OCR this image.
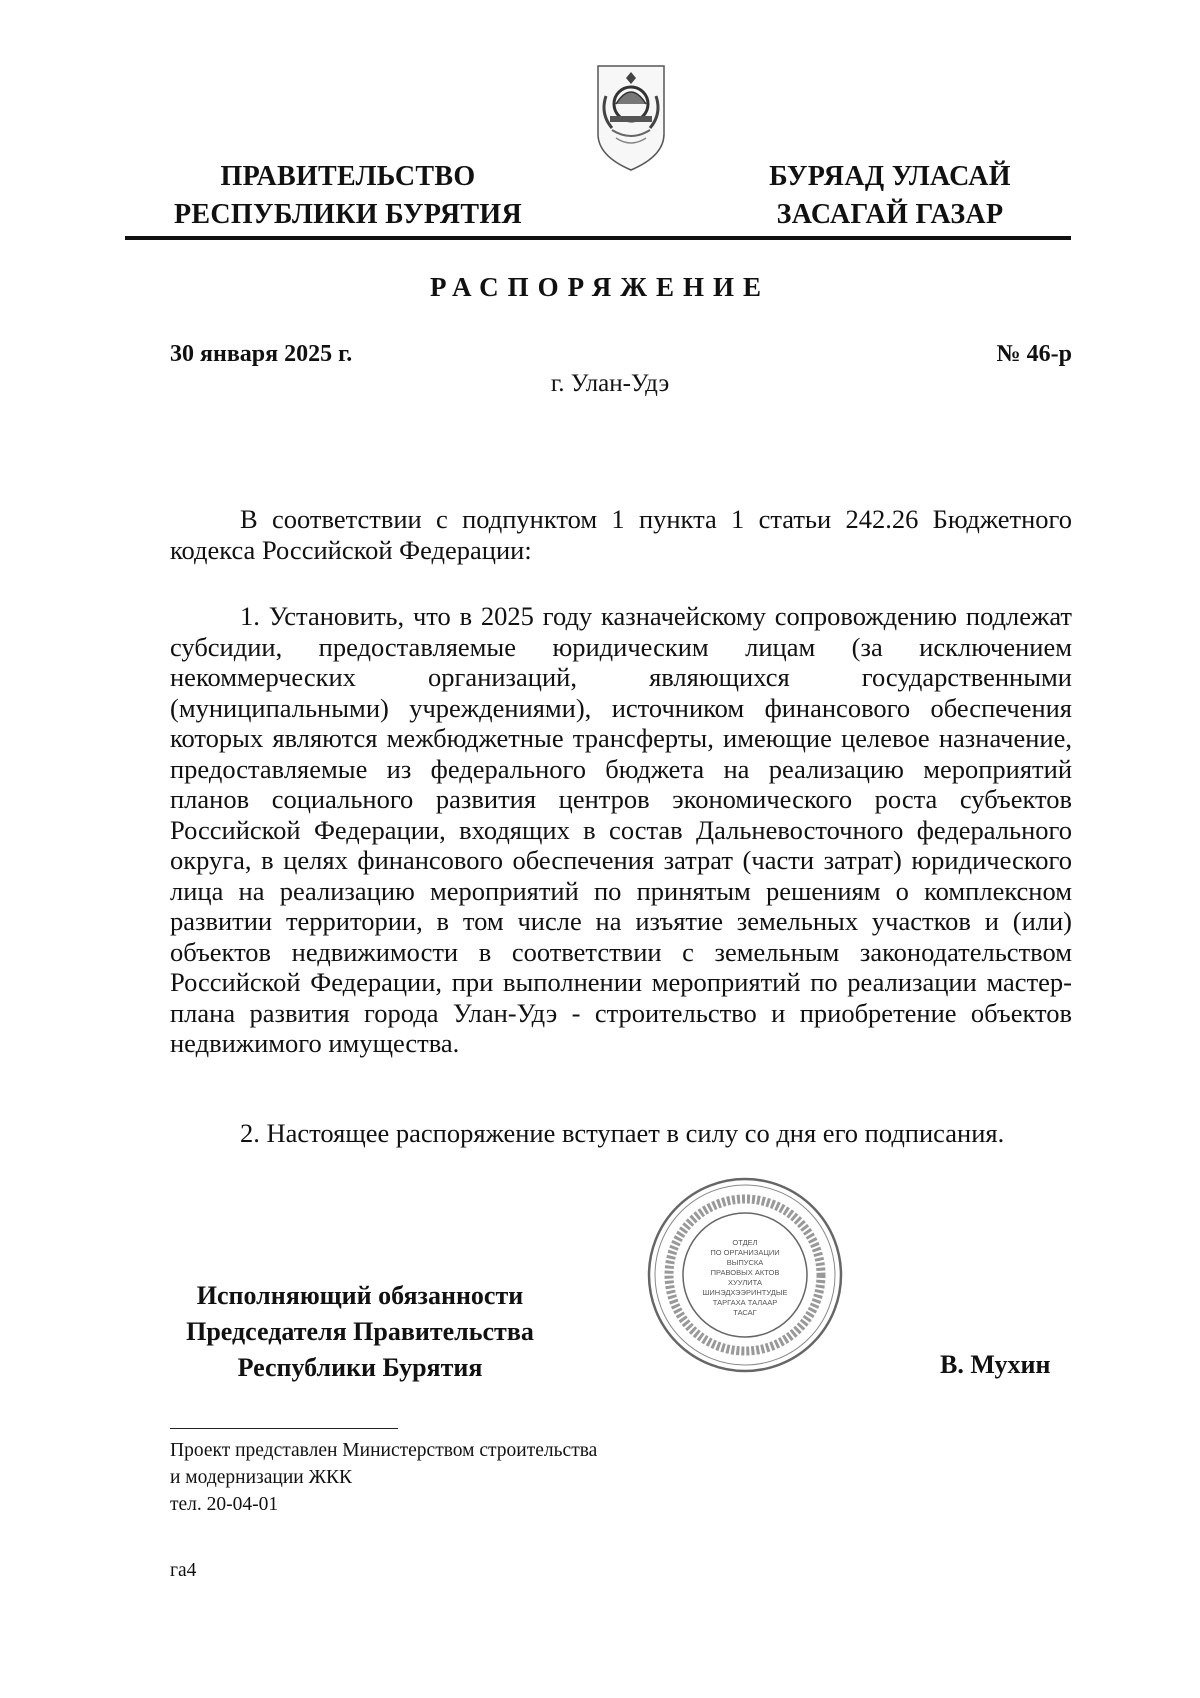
ПРАВИТЕЛЬСТВО
РЕСПУБЛИКИ БУРЯТИЯ
БУРЯАД УЛАСАЙ
ЗАСАГАЙ ГАЗАР
РАСПОРЯЖЕНИЕ
30 января 2025 г.	№ 46-р
г. Улан-Удэ

В соответствии с подпунктом 1 пункта 1 статьи 242.26 Бюджетного кодекса Российской Федерации:

1. Установить, что в 2025 году казначейскому сопровождению подлежат субсидии, предоставляемые юридическим лицам (за исключением некоммерческих организаций, являющихся государственными (муниципальными) учреждениями), источником финансового обеспечения которых являются межбюджетные трансферты, имеющие целевое назначение, предоставляемые из федерального бюджета на реализацию мероприятий планов социального развития центров экономического роста субъектов Российской Федерации, входящих в состав Дальневосточного федерального округа, в целях финансового обеспечения затрат (части затрат) юридического лица на реализацию мероприятий по принятым решениям о комплексном развитии территории, в том числе на изъятие земельных участков и (или) объектов недвижимости в соответствии с земельным законодательством Российской Федерации, при выполнении мероприятий по реализации мастер-плана развития города Улан-Удэ - строительство и приобретение объектов недвижимого имущества.

2. Настоящее распоряжение вступает в силу со дня его подписания.

Исполняющий обязанности
Председателя Правительства
Республики Бурятия
ОТДЕЛ
ПО ОРГАНИЗАЦИИ
ВЫПУСКА
ПРАВОВЫХ АКТОВ
ХУУЛИТА
ШИНЭДХЭЭРИНТУДЫЕ
ТАРГАХА ТАЛААР
ТАСАГ
В. Мухин
Проект представлен Министерством строительства
и модернизации ЖКК
тел. 20-04-01
га4
